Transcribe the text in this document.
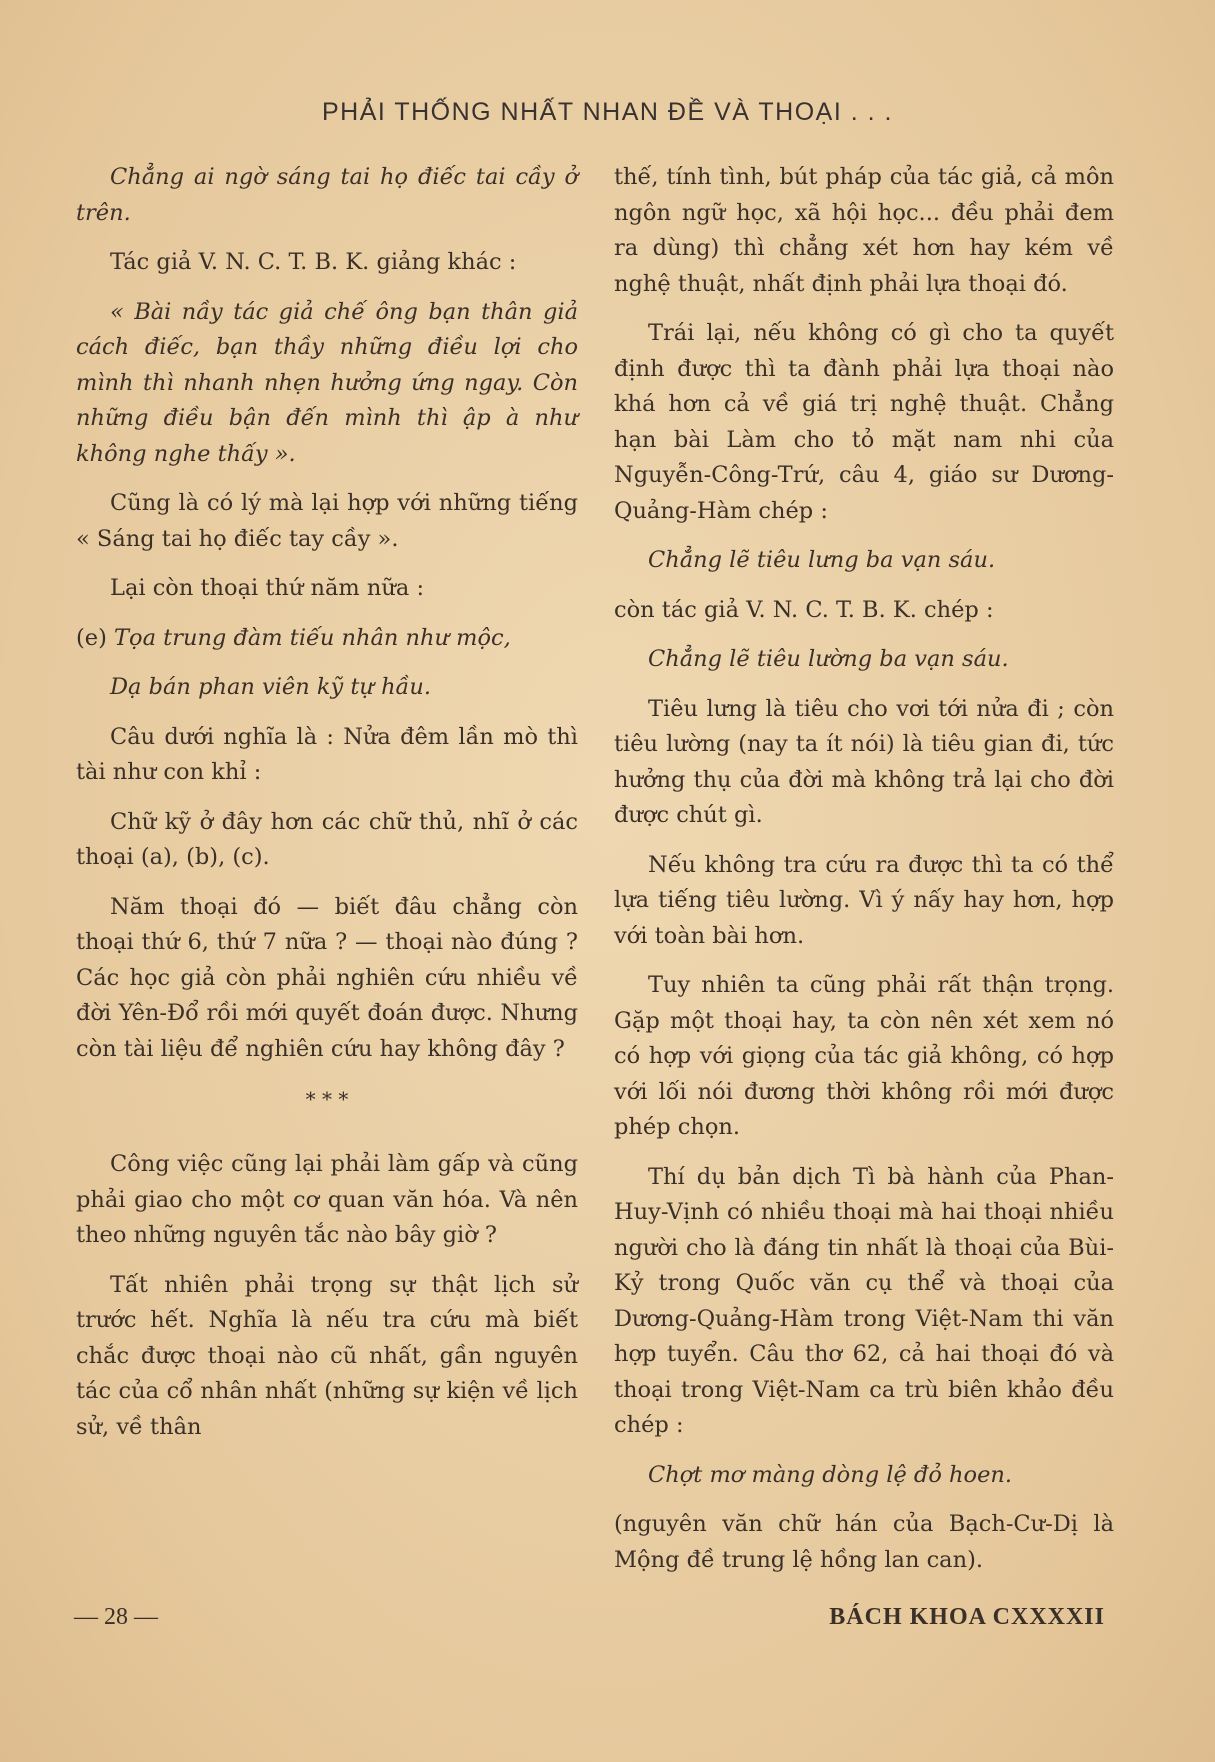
PHẢI THỐNG NHẤT NHAN ĐỀ VÀ THOẠI . . .

Chẳng ai ngờ sáng tai họ điếc tai cầy ở trên.

Tác giả V. N. C. T. B. K. giảng khác :

« Bài nầy tác giả chế ông bạn thân giả cách điếc, bạn thầy những điều lợi cho mình thì nhanh nhẹn hưởng ứng ngay. Còn những điều bận đến mình thì ập à như không nghe thấy ».

Cũng là có lý mà lại hợp với những tiếng « Sáng tai họ điếc tay cầy ».

Lại còn thoại thứ năm nữa :

(e) Tọa trung đàm tiếu nhân như mộc,

Dạ bán phan viên kỹ tự hầu.

Câu dưới nghĩa là : Nửa đêm lần mò thì tài như con khỉ :

Chữ kỹ ở đây hơn các chữ thủ, nhĩ ở các thoại (a), (b), (c).

Năm thoại đó — biết đâu chẳng còn thoại thứ 6, thứ 7 nữa ? — thoại nào đúng ? Các học giả còn phải nghiên cứu nhiều về đời Yên-Đổ rồi mới quyết đoán được. Nhưng còn tài liệu để nghiên cứu hay không đây ?

* * *

Công việc cũng lại phải làm gấp và cũng phải giao cho một cơ quan văn hóa. Và nên theo những nguyên tắc nào bây giờ ?

Tất nhiên phải trọng sự thật lịch sử trước hết. Nghĩa là nếu tra cứu mà biết chắc được thoại nào cũ nhất, gần nguyên tác của cổ nhân nhất (những sự kiện về lịch sử, về thân

thế, tính tình, bút pháp của tác giả, cả môn ngôn ngữ học, xã hội học... đều phải đem ra dùng) thì chẳng xét hơn hay kém về nghệ thuật, nhất định phải lựa thoại đó.

Trái lại, nếu không có gì cho ta quyết định được thì ta đành phải lựa thoại nào khá hơn cả về giá trị nghệ thuật. Chẳng hạn bài Làm cho tỏ mặt nam nhi của Nguyễn-Công-Trứ, câu 4, giáo sư Dương-Quảng-Hàm chép :

Chẳng lẽ tiêu lưng ba vạn sáu.

còn tác giả V. N. C. T. B. K. chép :

Chẳng lẽ tiêu lường ba vạn sáu.

Tiêu lưng là tiêu cho vơi tới nửa đi ; còn tiêu lường (nay ta ít nói) là tiêu gian đi, tức hưởng thụ của đời mà không trả lại cho đời được chút gì.

Nếu không tra cứu ra được thì ta có thể lựa tiếng tiêu lường. Vì ý nấy hay hơn, hợp với toàn bài hơn.

Tuy nhiên ta cũng phải rất thận trọng. Gặp một thoại hay, ta còn nên xét xem nó có hợp với giọng của tác giả không, có hợp với lối nói đương thời không rồi mới được phép chọn.

Thí dụ bản dịch Tì bà hành của Phan-Huy-Vịnh có nhiều thoại mà hai thoại nhiều người cho là đáng tin nhất là thoại của Bùi-Kỷ trong Quốc văn cụ thể và thoại của Dương-Quảng-Hàm trong Việt-Nam thi văn hợp tuyển. Câu thơ 62, cả hai thoại đó và thoại trong Việt-Nam ca trù biên khảo đều chép :

Chợt mơ màng dòng lệ đỏ hoen.

(nguyên văn chữ hán của Bạch-Cư-Dị là Mộng đề trung lệ hồng lan can).

— 28 —	BÁCH KHOA CXXXXII
